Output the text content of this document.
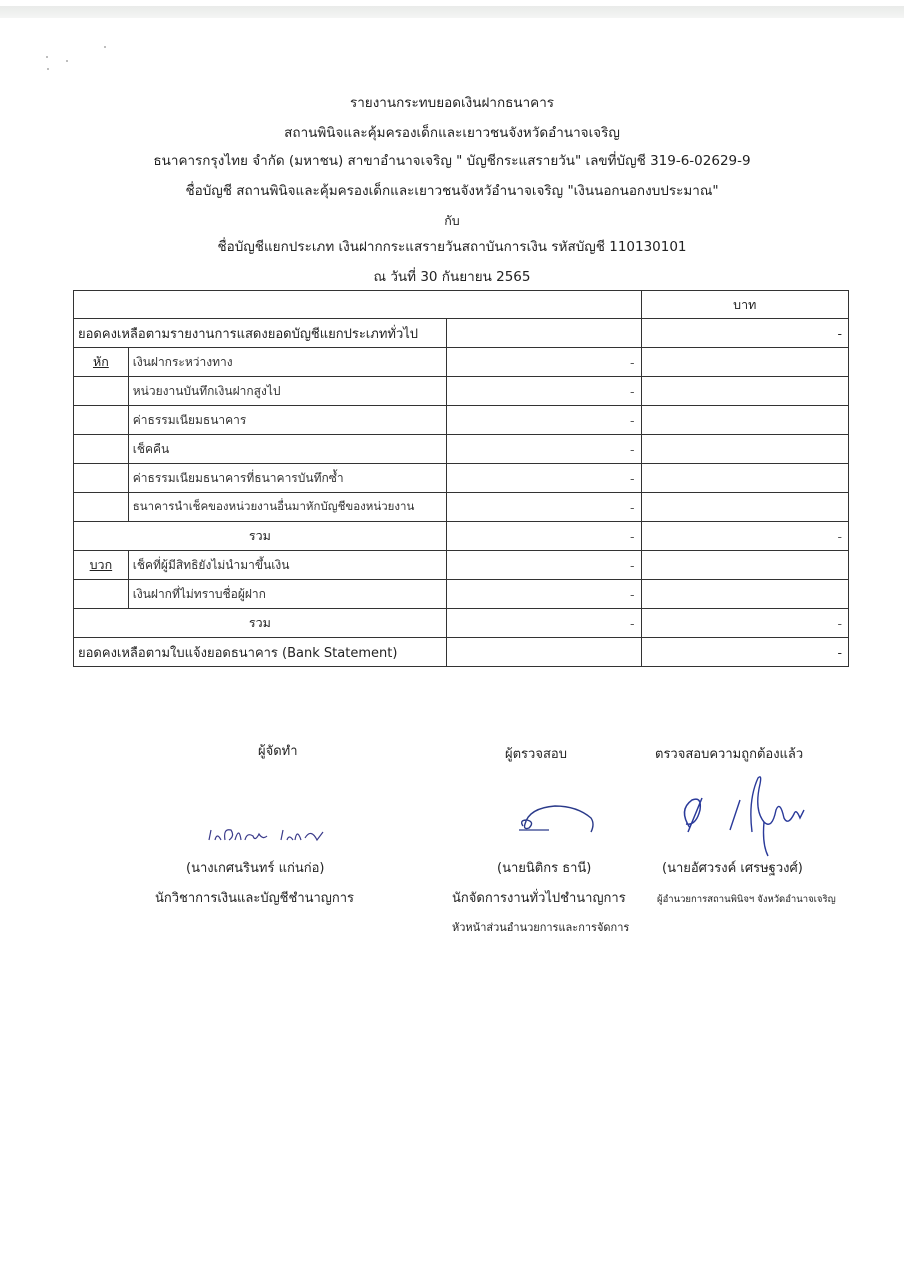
รายงานกระทบยอดเงินฝากธนาคาร
สถานพินิจและคุ้มครองเด็กและเยาวชนจังหวัดอำนาจเจริญ
ธนาคารกรุงไทย จำกัด (มหาชน) สาขาอำนาจเจริญ " บัญชีกระแสรายวัน" เลขที่บัญชี 319-6-02629-9
ชื่อบัญชี สถานพินิจและคุ้มครองเด็กและเยาวชนจังหวัอำนาจเจริญ "เงินนอกนอกงบประมาณ"
กับ
ชื่อบัญชีแยกประเภท เงินฝากกระแสรายวันสถาบันการเงิน รหัสบัญชี 110130101
ณ วันที่ 30 กันยายน 2565
			บาท
ยอดคงเหลือตามรายงานการแสดงยอดบัญชีแยกประเภททั่วไป			-
หัก	เงินฝากระหว่างทาง	-	
	หน่วยงานบันทึกเงินฝากสูงไป	-	
	ค่าธรรมเนียมธนาคาร	-	
	เช็คคืน	-	
	ค่าธรรมเนียมธนาคารที่ธนาคารบันทึกซ้ำ	-	
	ธนาคารนำเช็คของหน่วยงานอื่นมาหักบัญชีของหน่วยงาน	-	
รวม		-	-
บวก	เช็คที่ผู้มีสิทธิยังไม่นำมาขึ้นเงิน	-	
	เงินฝากที่ไม่ทราบชื่อผู้ฝาก	-	
รวม		-	-
ยอดคงเหลือตามใบแจ้งยอดธนาคาร (Bank Statement)			-
ผู้จัดทำ	ผู้ตรวจสอบ	ตรวจสอบความถูกต้องแล้ว
(นางเกศนรินทร์ แก่นก่อ)	(นายนิติกร ธานี)	(นายอัศวรงค์ เศรษฐวงศ์)
นักวิชาการเงินและบัญชีชำนาญการ	นักจัดการงานทั่วไปชำนาญการ	ผู้อำนวยการสถานพินิจฯ จังหวัดอำนาจเจริญ
หัวหน้าส่วนอำนวยการและการจัดการ
